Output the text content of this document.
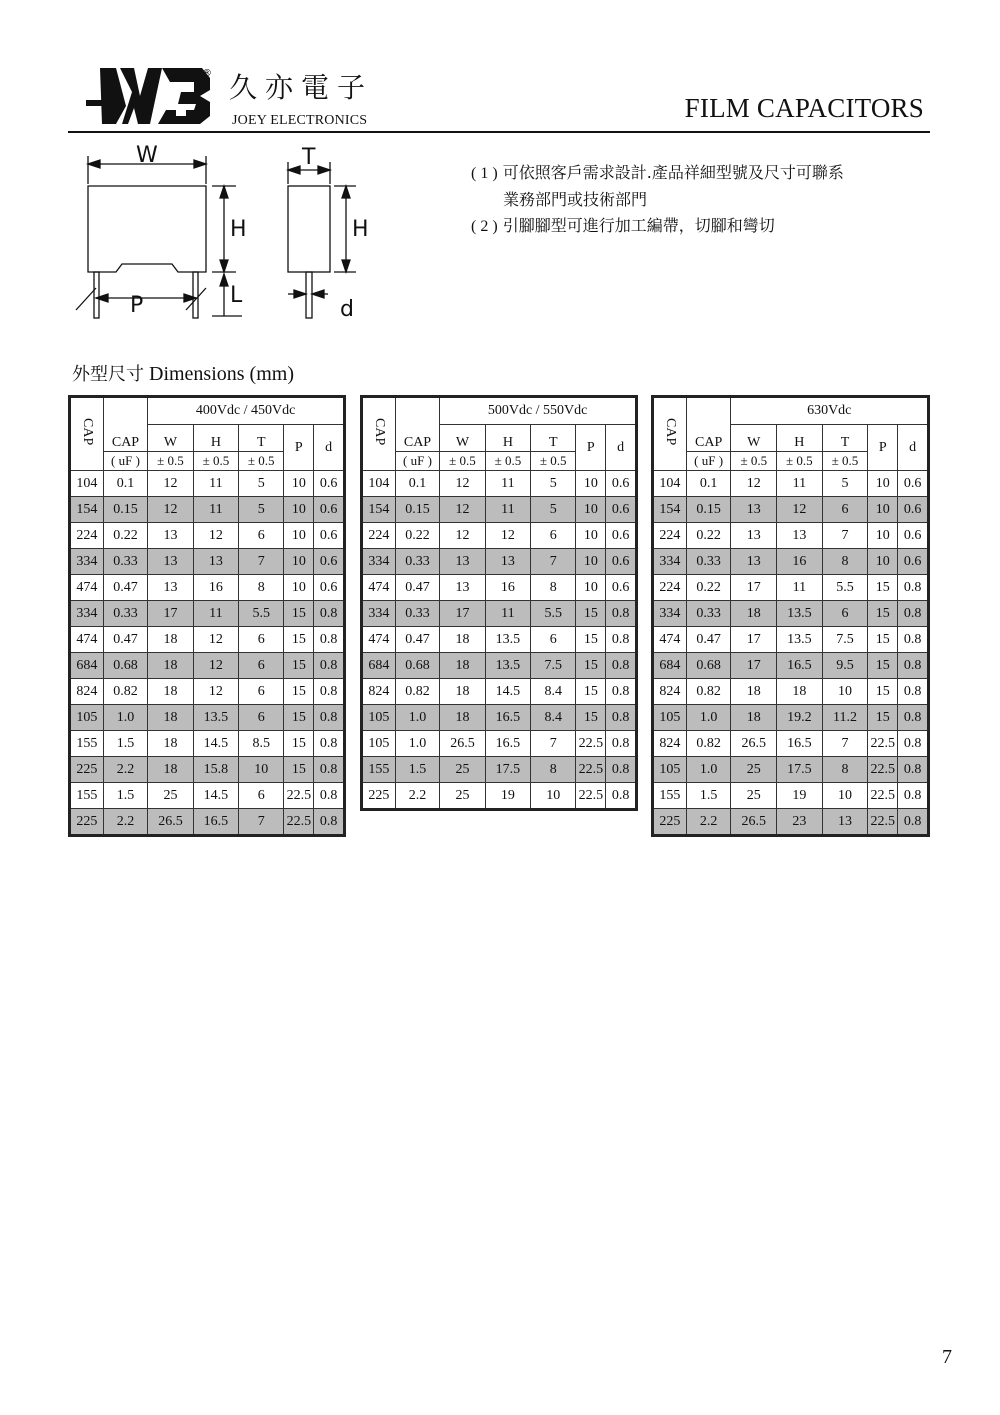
® 久亦電子
JOEY ELECTRONICS	FILM CAPACITORS
W	T
H	H
L
P	d
( 1 ) 可依照客戶需求設計.產品祥細型號及尺寸可聯系
業務部門或技術部門
( 2 ) 引腳腳型可進行加工編帶，切腳和彎切
外型尺寸 Dimensions (mm)
CAP	CAP	400Vdc / 450Vdc				
		W	H	T	P	d
	( uF )	± 0.5	± 0.5	± 0.5		
104	0.1	12	11	5	10	0.6
154	0.15	12	11	5	10	0.6
224	0.22	13	12	6	10	0.6
334	0.33	13	13	7	10	0.6
474	0.47	13	16	8	10	0.6
334	0.33	17	11	5.5	15	0.8
474	0.47	18	12	6	15	0.8
684	0.68	18	12	6	15	0.8
824	0.82	18	12	6	15	0.8
105	1.0	18	13.5	6	15	0.8
155	1.5	18	14.5	8.5	15	0.8
225	2.2	18	15.8	10	15	0.8
155	1.5	25	14.5	6	22.5	0.8
225	2.2	26.5	16.5	7	22.5	0.8
CAP	CAP	500Vdc / 550Vdc				
		W	H	T	P	d
	( uF )	± 0.5	± 0.5	± 0.5		
104	0.1	12	11	5	10	0.6
154	0.15	12	11	5	10	0.6
224	0.22	12	12	6	10	0.6
334	0.33	13	13	7	10	0.6
474	0.47	13	16	8	10	0.6
334	0.33	17	11	5.5	15	0.8
474	0.47	18	13.5	6	15	0.8
684	0.68	18	13.5	7.5	15	0.8
824	0.82	18	14.5	8.4	15	0.8
105	1.0	18	16.5	8.4	15	0.8
105	1.0	26.5	16.5	7	22.5	0.8
155	1.5	25	17.5	8	22.5	0.8
225	2.2	25	19	10	22.5	0.8
CAP	CAP	630Vdc				
		W	H	T	P	d
	( uF )	± 0.5	± 0.5	± 0.5		
104	0.1	12	11	5	10	0.6
154	0.15	13	12	6	10	0.6
224	0.22	13	13	7	10	0.6
334	0.33	13	16	8	10	0.6
224	0.22	17	11	5.5	15	0.8
334	0.33	18	13.5	6	15	0.8
474	0.47	17	13.5	7.5	15	0.8
684	0.68	17	16.5	9.5	15	0.8
824	0.82	18	18	10	15	0.8
105	1.0	18	19.2	11.2	15	0.8
824	0.82	26.5	16.5	7	22.5	0.8
105	1.0	25	17.5	8	22.5	0.8
155	1.5	25	19	10	22.5	0.8
225	2.2	26.5	23	13	22.5	0.8
7
